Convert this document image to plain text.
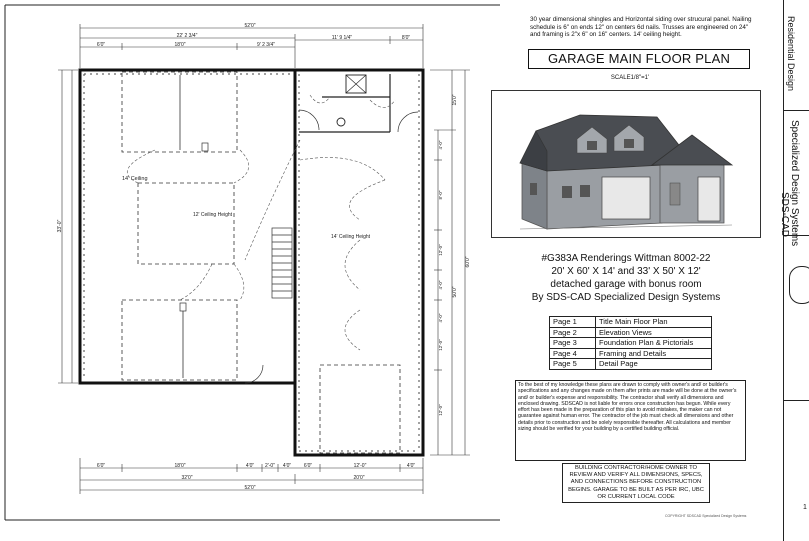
52'0"
22' 2 3/4"
6'0"	18'0"	9' 2 3/4"
11' 9 1/4"	8'0"
6'0"	18'0"	4'0" 2'-0" 4'0"	6'0"	12'-0"	4'0"
32'0"	20'0"
52'0"
33'-0"
60'0"
15'0"
50'0"
4'-0"
8'-0"
12'-0"
4'-0"
4'-0"
12'-0"
12'-0"
14' Ceiling
12' Ceiling Height
14' Ceiling Height
30 year dimensional shingles and Horizontal siding over strucural panel. Nailing schedule is 6" on ends 12" on centers 6d nails. Trusses are engineered on 24" and framing is 2"x 6" on 16" centers. 14' ceiling height.
GARAGE MAIN FLOOR PLAN
SCALE1/8"=1'
#G383A Renderings Wittman 8002-22
20' X 60' X 14' and 33' X 50' X 12'
detached garage with bonus room
By SDS-CAD Specialized Design Systems
Page 1	Title Main Floor Plan
Page 2	Elevation Views
Page 3	Foundation Plan & Pictorials
Page 4	Framing and Details
Page 5	Detail Page
To the best of my knowledge these plans are drawn to comply with owner's and/ or builder's specifications and any changes made on them after prints are made will be done at the owner's and/ or builder's expense and responsibility. The contractor shall verify all dimensions and enclosed drawing. SDSCAD is not liable for errors once construction has begun. While every effort has been made in the preparation of this plan to avoid mistakes, the maker can not guarantee against human error. The contractor of the job must check all dimensions and other details prior to construction and be solely responsible thereafter. All calculations and member sizing should be verified for your building by a certified building official.
BUILDING CONTRACTOR/HOME OWNER TO REVIEW AND VERIFY ALL DIMENSIONS, SPECS, AND CONNECTIONS BEFORE CONSTRUCTION BEGINS. GARAGE TO BE BUILT AS PER IRC, UBC OR CURRENT LOCAL CODE
COPYRIGHT SDSCAD Specialized Design Systems
Residential Design
Specialized Design Systems
SDS-CAD
1
